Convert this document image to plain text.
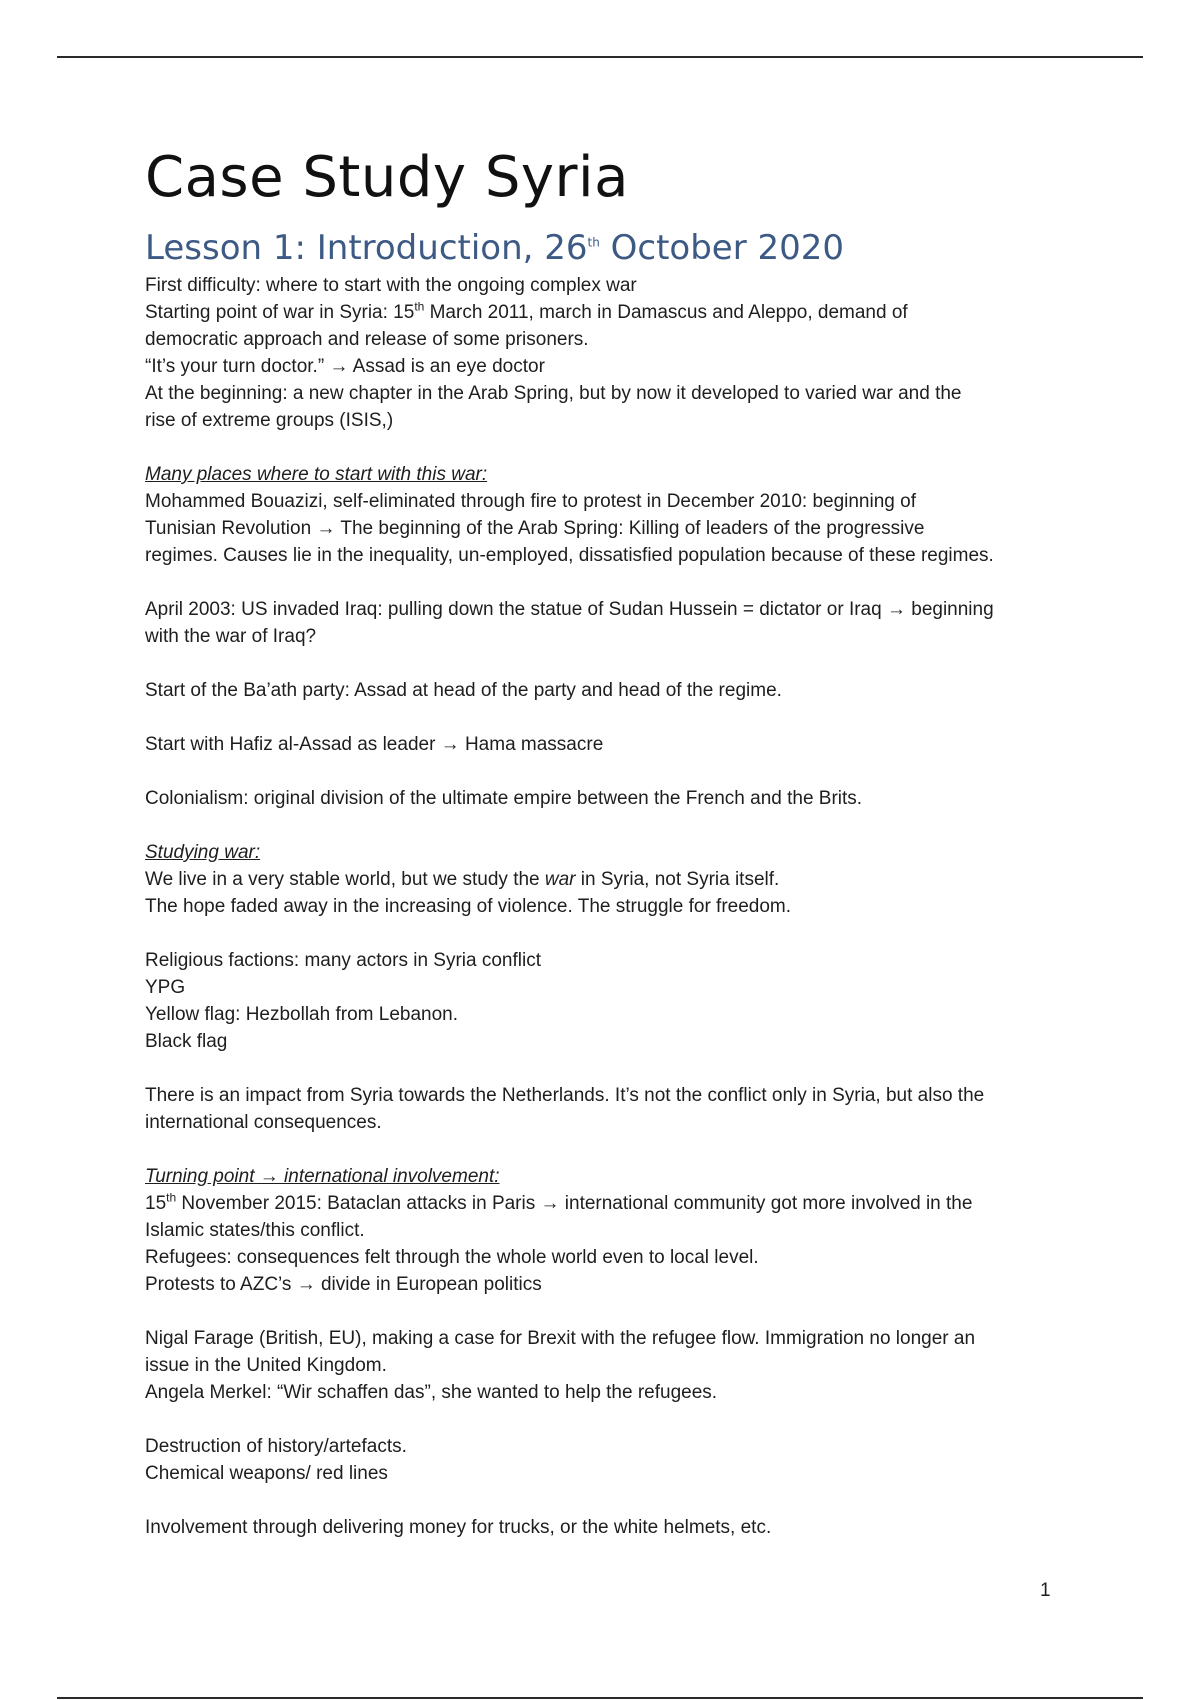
Case Study Syria
Lesson 1: Introduction, 26th October 2020

First difficulty: where to start with the ongoing complex war

Starting point of war in Syria: 15th March 2011, march in Damascus and Aleppo, demand of

democratic approach and release of some prisoners.

“It’s your turn doctor.” → Assad is an eye doctor

At the beginning: a new chapter in the Arab Spring, but by now it developed to varied war and the

rise of extreme groups (ISIS,)

Many places where to start with this war:

Mohammed Bouazizi, self-eliminated through fire to protest in December 2010: beginning of

Tunisian Revolution → The beginning of the Arab Spring: Killing of leaders of the progressive

regimes. Causes lie in the inequality, un-employed, dissatisfied population because of these regimes.

April 2003: US invaded Iraq: pulling down the statue of Sudan Hussein = dictator or Iraq → beginning

with the war of Iraq?

Start of the Ba’ath party: Assad at head of the party and head of the regime.

Start with Hafiz al-Assad as leader → Hama massacre

Colonialism: original division of the ultimate empire between the French and the Brits.

Studying war:

We live in a very stable world, but we study the war in Syria, not Syria itself.

The hope faded away in the increasing of violence. The struggle for freedom.

Religious factions: many actors in Syria conflict

YPG

Yellow flag: Hezbollah from Lebanon.

Black flag

There is an impact from Syria towards the Netherlands. It’s not the conflict only in Syria, but also the

international consequences.

Turning point → international involvement:

15th November 2015: Bataclan attacks in Paris → international community got more involved in the

Islamic states/this conflict.

Refugees: consequences felt through the whole world even to local level.

Protests to AZC’s → divide in European politics

Nigal Farage (British, EU), making a case for Brexit with the refugee flow. Immigration no longer an

issue in the United Kingdom.

Angela Merkel: “Wir schaffen das”, she wanted to help the refugees.

Destruction of history/artefacts.

Chemical weapons/ red lines

Involvement through delivering money for trucks, or the white helmets, etc.

1
